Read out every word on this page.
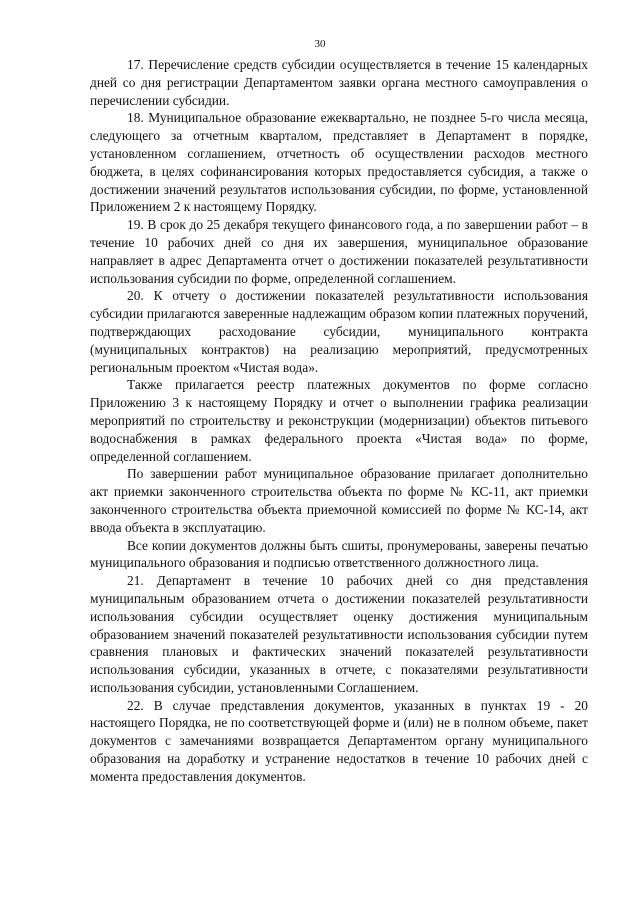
30

17. Перечисление средств субсидии осуществляется в течение 15 календарных дней со дня регистрации Департаментом заявки органа местного самоуправления о перечислении субсидии.

18. Муниципальное образование ежеквартально, не позднее 5-го числа месяца, следующего за отчетным кварталом, представляет в Департамент в порядке, установленном соглашением, отчетность об осуществлении расходов местного бюджета, в целях софинансирования которых предоставляется субсидия, а также о достижении значений результатов использования субсидии, по форме, установленной Приложением 2 к настоящему Порядку.

19. В срок до 25 декабря текущего финансового года, а по завершении работ – в течение 10 рабочих дней со дня их завершения, муниципальное образование направляет в адрес Департамента отчет о достижении показателей результативности использования субсидии по форме, определенной соглашением.

20. К отчету о достижении показателей результативности использования субсидии прилагаются заверенные надлежащим образом копии платежных поручений, подтверждающих расходование субсидии, муниципального контракта (муниципальных контрактов) на реализацию мероприятий, предусмотренных региональным проектом «Чистая вода».

Также прилагается реестр платежных документов по форме согласно Приложению 3 к настоящему Порядку и отчет о выполнении графика реализации мероприятий по строительству и реконструкции (модернизации) объектов питьевого водоснабжения в рамках федерального проекта «Чистая вода» по форме, определенной соглашением.

По завершении работ муниципальное образование прилагает дополнительно акт приемки законченного строительства объекта по форме № КС-11, акт приемки законченного строительства объекта приемочной комиссией по форме № КС-14, акт ввода объекта в эксплуатацию.

Все копии документов должны быть сшиты, пронумерованы, заверены печатью муниципального образования и подписью ответственного должностного лица.

21. Департамент в течение 10 рабочих дней со дня представления муниципальным образованием отчета о достижении показателей результативности использования субсидии осуществляет оценку достижения муниципальным образованием значений показателей результативности использования субсидии путем сравнения плановых и фактических значений показателей результативности использования субсидии, указанных в отчете, с показателями результативности использования субсидии, установленными Соглашением.

22. В случае представления документов, указанных в пунктах 19 - 20 настоящего Порядка, не по соответствующей форме и (или) не в полном объеме, пакет документов с замечаниями возвращается Департаментом органу муниципального образования на доработку и устранение недостатков в течение 10 рабочих дней с момента предоставления документов.
